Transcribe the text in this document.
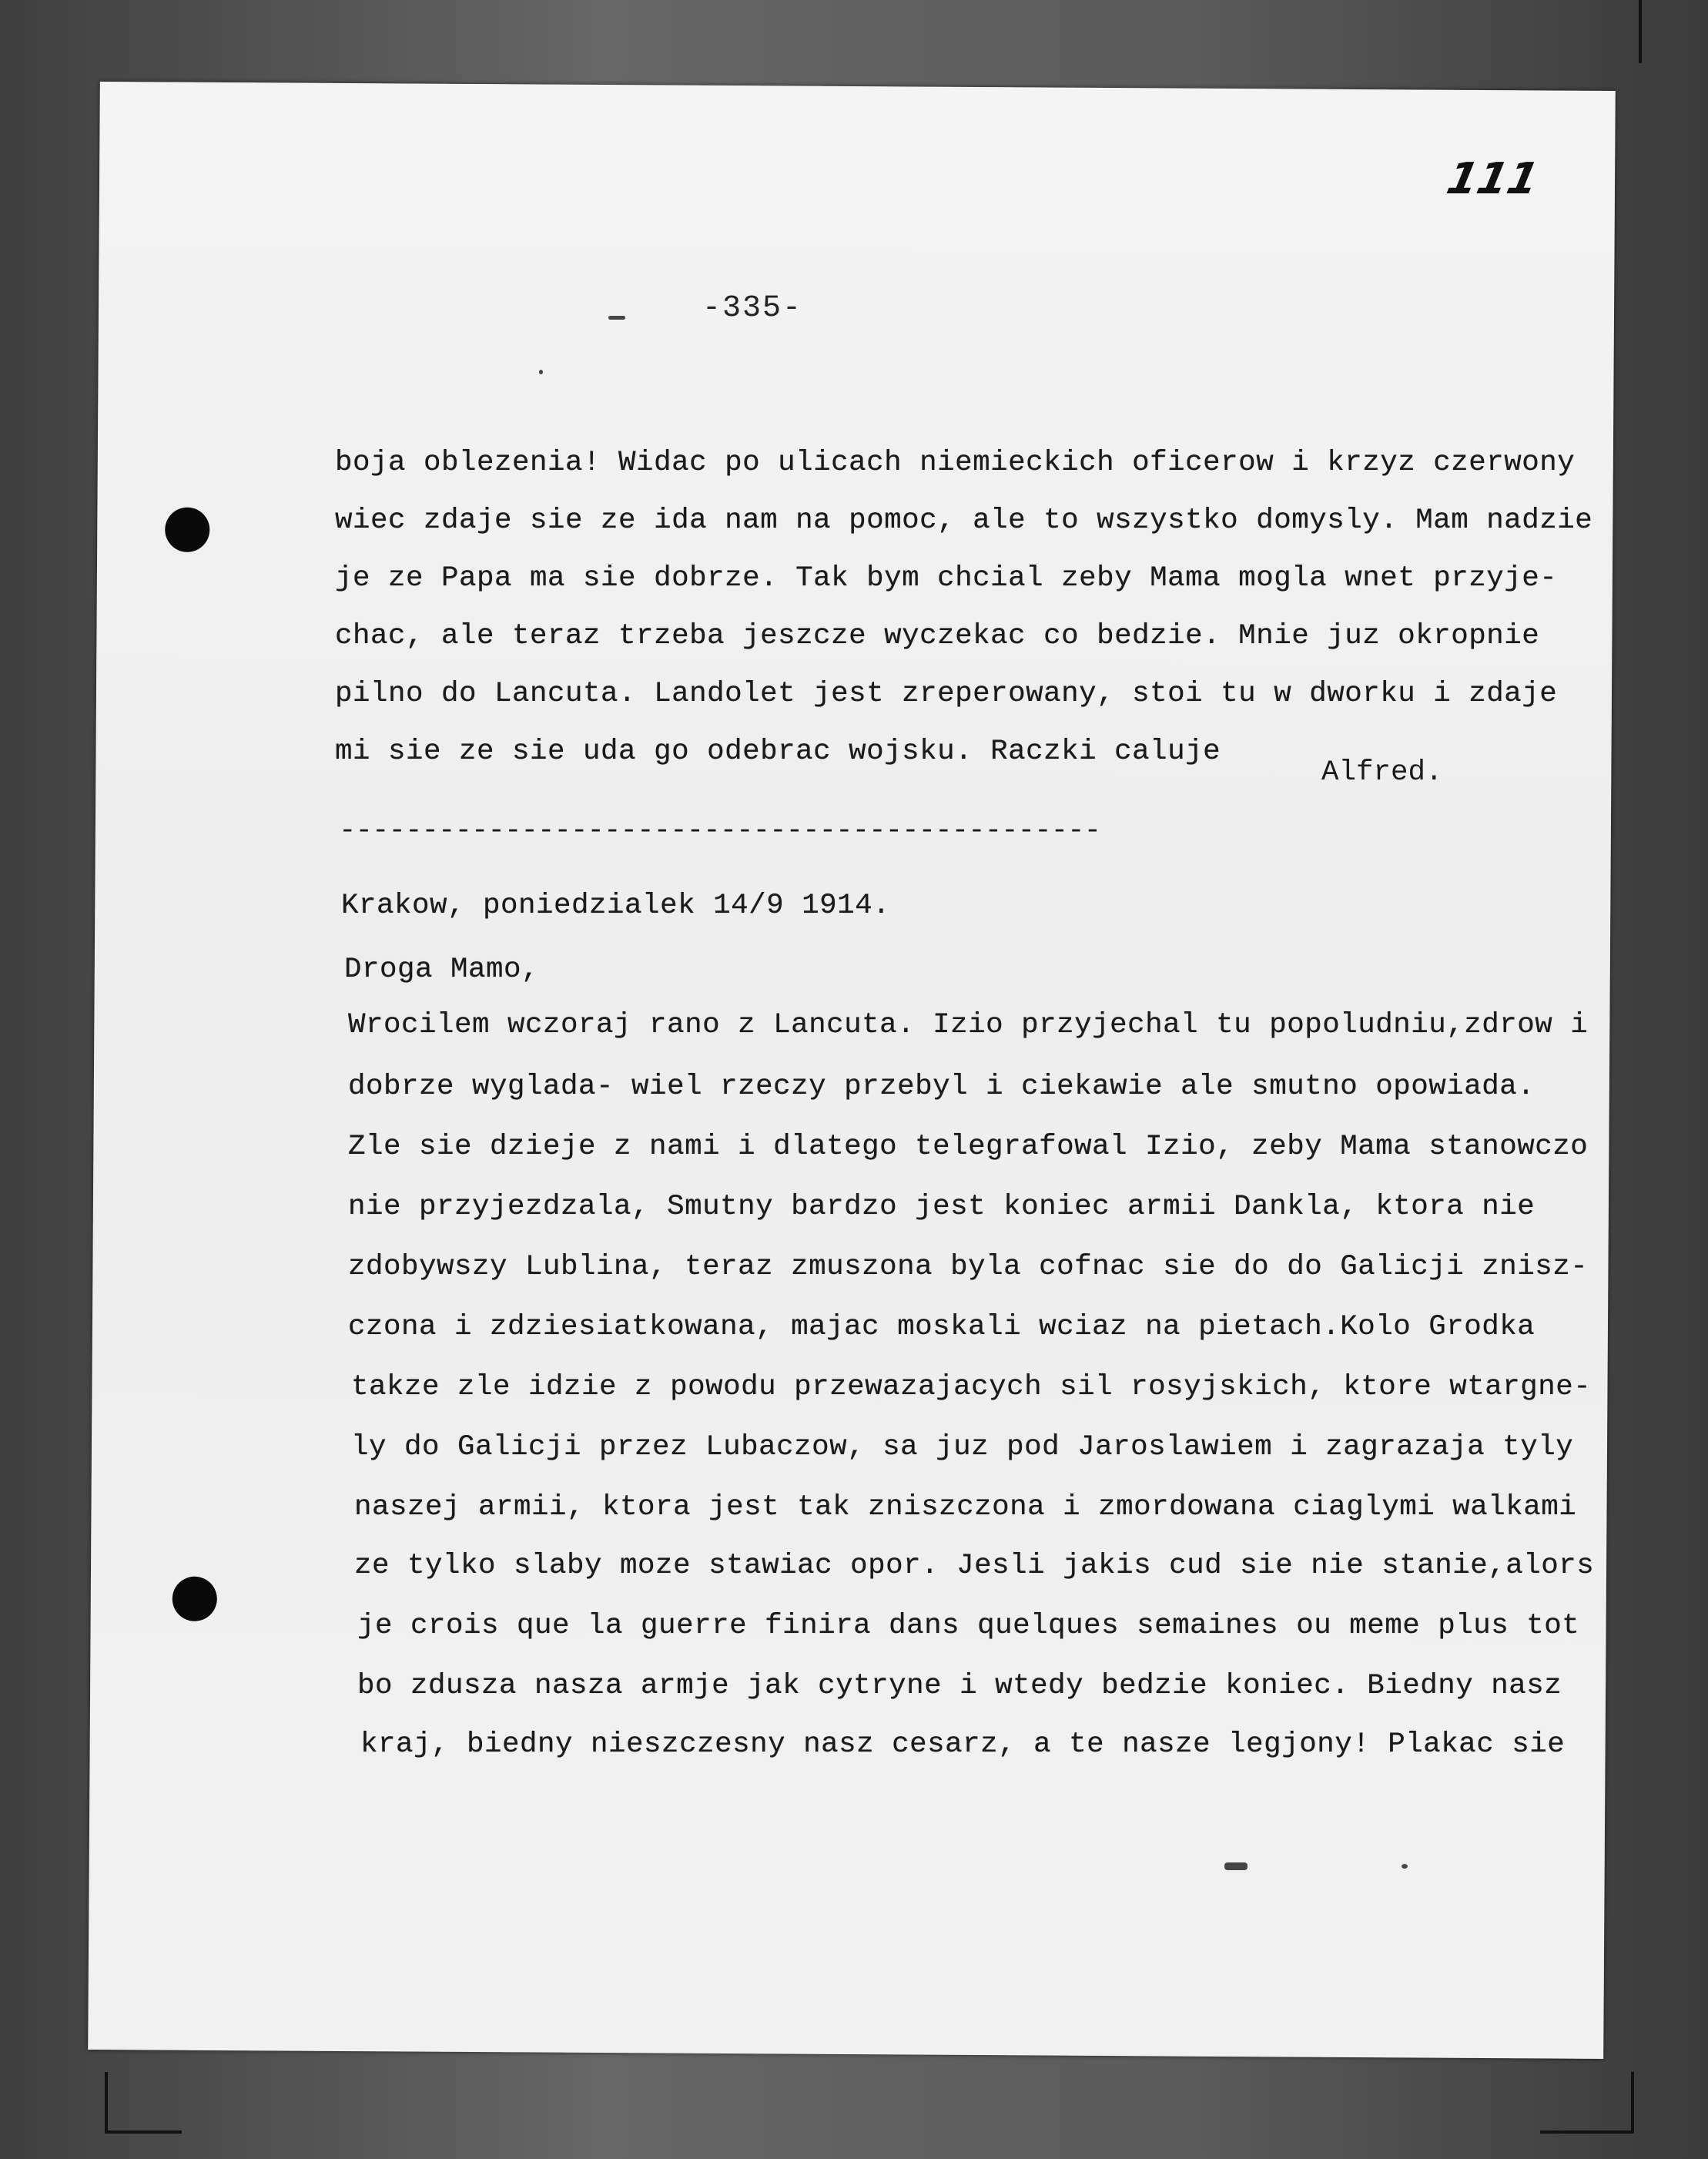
111
-335-
boja oblezenia! Widac po ulicach niemieckich oficerow i krzyz czerwony
wiec zdaje sie ze ida nam na pomoc, ale to wszystko domysly. Mam nadzie
je ze Papa ma sie dobrze. Tak bym chcial zeby Mama mogla wnet przyje-
chac, ale teraz trzeba jeszcze wyczekac co bedzie. Mnie juz okropnie
pilno do Lancuta. Landolet jest zreperowany, stoi tu w dworku i zdaje
mi sie ze sie uda go odebrac wojsku. Raczki caluje
Alfred.
----------------------------------------------
Krakow, poniedzialek 14/9 1914.
Droga Mamo,
Wrocilem wczoraj rano z Lancuta. Izio przyjechal tu popoludniu,zdrow i
dobrze wyglada- wiel rzeczy przebyl i ciekawie ale smutno opowiada.
Zle sie dzieje z nami i dlatego telegrafowal Izio, zeby Mama stanowczo
nie przyjezdzala, Smutny bardzo jest koniec armii Dankla, ktora nie
zdobywszy Lublina, teraz zmuszona byla cofnac sie do do Galicji znisz-
czona i zdziesiatkowana, majac moskali wciaz na pietach.Kolo Grodka
takze zle idzie z powodu przewazajacych sil rosyjskich, ktore wtargne-
ly do Galicji przez Lubaczow, sa juz pod Jaroslawiem i zagrazaja tyly
naszej armii, ktora jest tak zniszczona i zmordowana ciaglymi walkami
ze tylko slaby moze stawiac opor. Jesli jakis cud sie nie stanie,alors
je crois que la guerre finira dans quelques semaines ou meme plus tot
bo zdusza nasza armje jak cytryne i wtedy bedzie koniec. Biedny nasz
kraj, biedny nieszczesny nasz cesarz, a te nasze legjony! Plakac sie
